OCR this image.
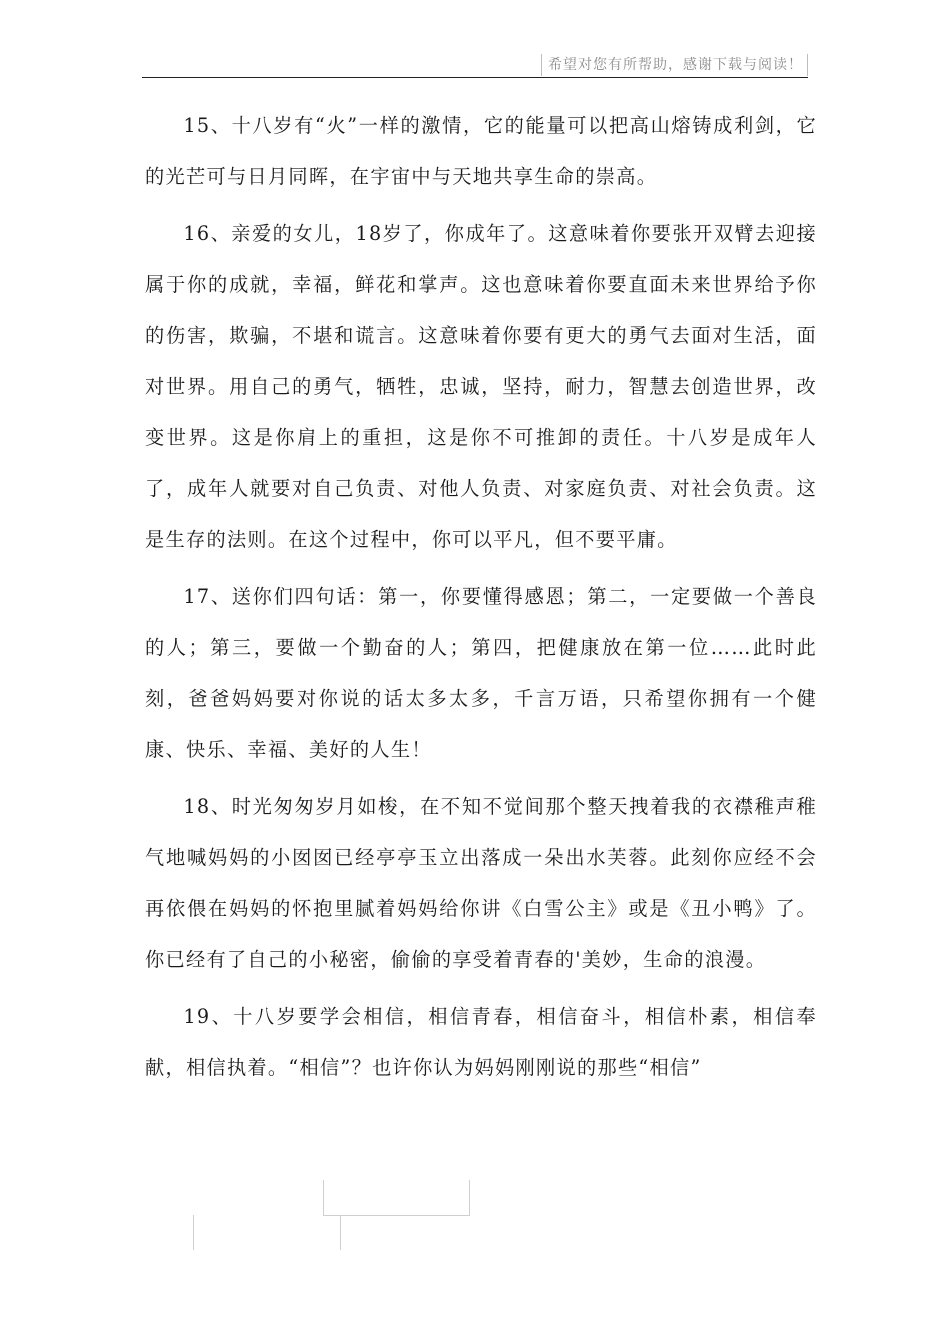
希望对您有所帮助，感谢下载与阅读！

15、十八岁有“火”一样的激情，它的能量可以把高山熔铸成利剑，它的光芒可与日月同晖，在宇宙中与天地共享生命的崇高。

16、亲爱的女儿，18岁了，你成年了。这意味着你要张开双臂去迎接属于你的成就，幸福，鲜花和掌声。这也意味着你要直面未来世界给予你的伤害，欺骗，不堪和谎言。这意味着你要有更大的勇气去面对生活，面对世界。用自己的勇气，牺牲，忠诚，坚持，耐力，智慧去创造世界，改变世界。这是你肩上的重担，这是你不可推卸的责任。十八岁是成年人了，成年人就要对自己负责、对他人负责、对家庭负责、对社会负责。这是生存的法则。在这个过程中，你可以平凡，但不要平庸。

17、送你们四句话：第一，你要懂得感恩；第二，一定要做一个善良的人；第三，要做一个勤奋的人；第四，把健康放在第一位……此时此刻，爸爸妈妈要对你说的话太多太多，千言万语，只希望你拥有一个健康、快乐、幸福、美好的人生！

18、时光匆匆岁月如梭，在不知不觉间那个整天拽着我的衣襟稚声稚气地喊妈妈的小囡囡已经亭亭玉立出落成一朵出水芙蓉。此刻你应经不会再依偎在妈妈的怀抱里腻着妈妈给你讲《白雪公主》或是《丑小鸭》了。你已经有了自己的小秘密，偷偷的享受着青春的'美妙，生命的浪漫。

19、十八岁要学会相信，相信青春，相信奋斗，相信朴素，相信奉献，相信执着。“相信”？也许你认为妈妈刚刚说的那些“相信”
